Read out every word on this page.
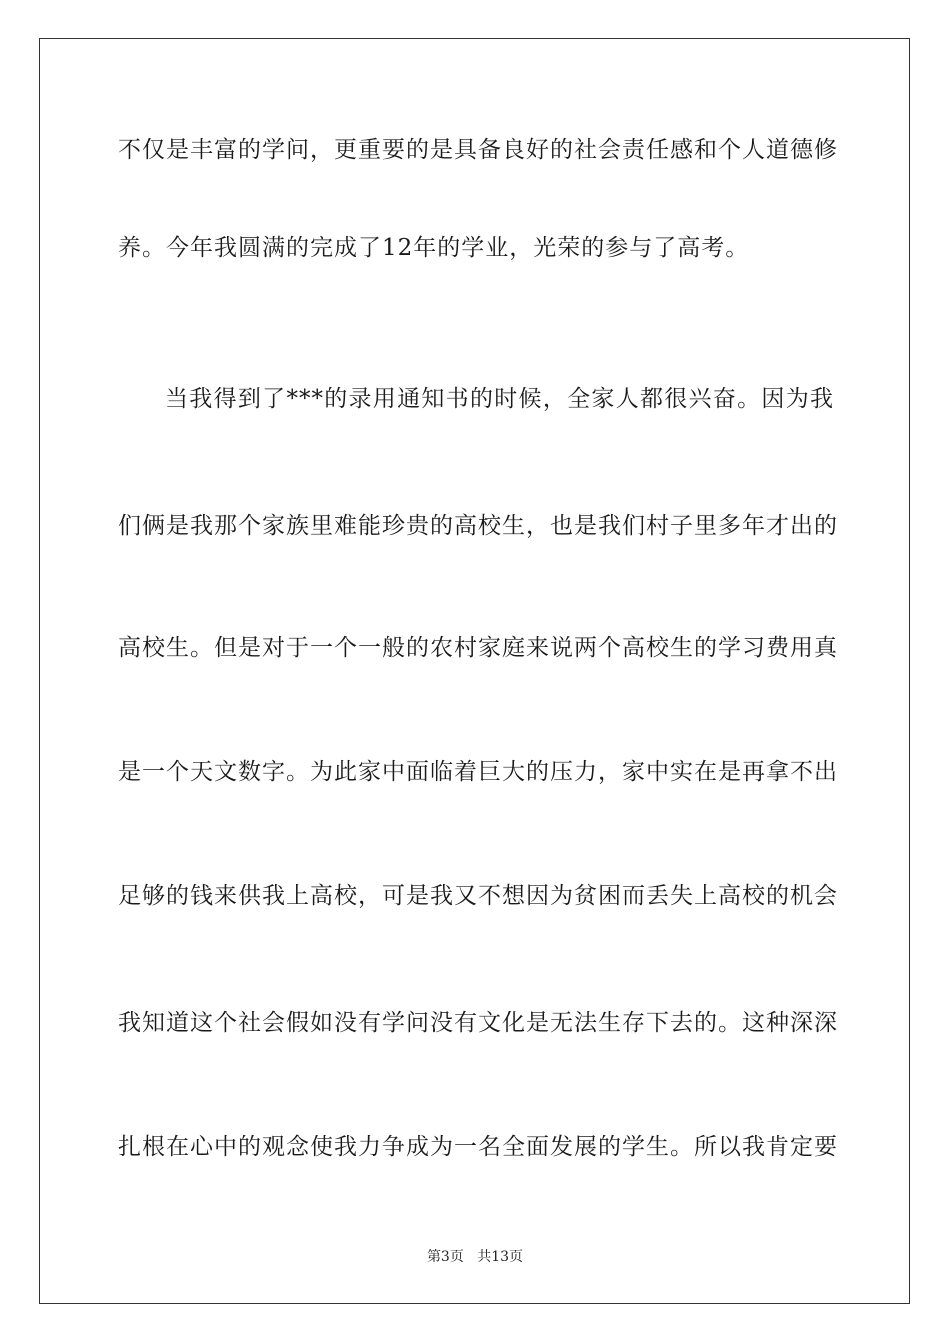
不仅是丰富的学问，更重要的是具备良好的社会责任感和个人道德修
养。今年我圆满的完成了12年的学业，光荣的参与了高考。
当我得到了***的录用通知书的时候，全家人都很兴奋。因为我
们俩是我那个家族里难能珍贵的高校生，也是我们村子里多年才出的
高校生。但是对于一个一般的农村家庭来说两个高校生的学习费用真
是一个天文数字。为此家中面临着巨大的压力，家中实在是再拿不出
足够的钱来供我上高校，可是我又不想因为贫困而丢失上高校的机会
我知道这个社会假如没有学问没有文化是无法生存下去的。这种深深
扎根在心中的观念使我力争成为一名全面发展的学生。所以我肯定要
第3页 共13页
